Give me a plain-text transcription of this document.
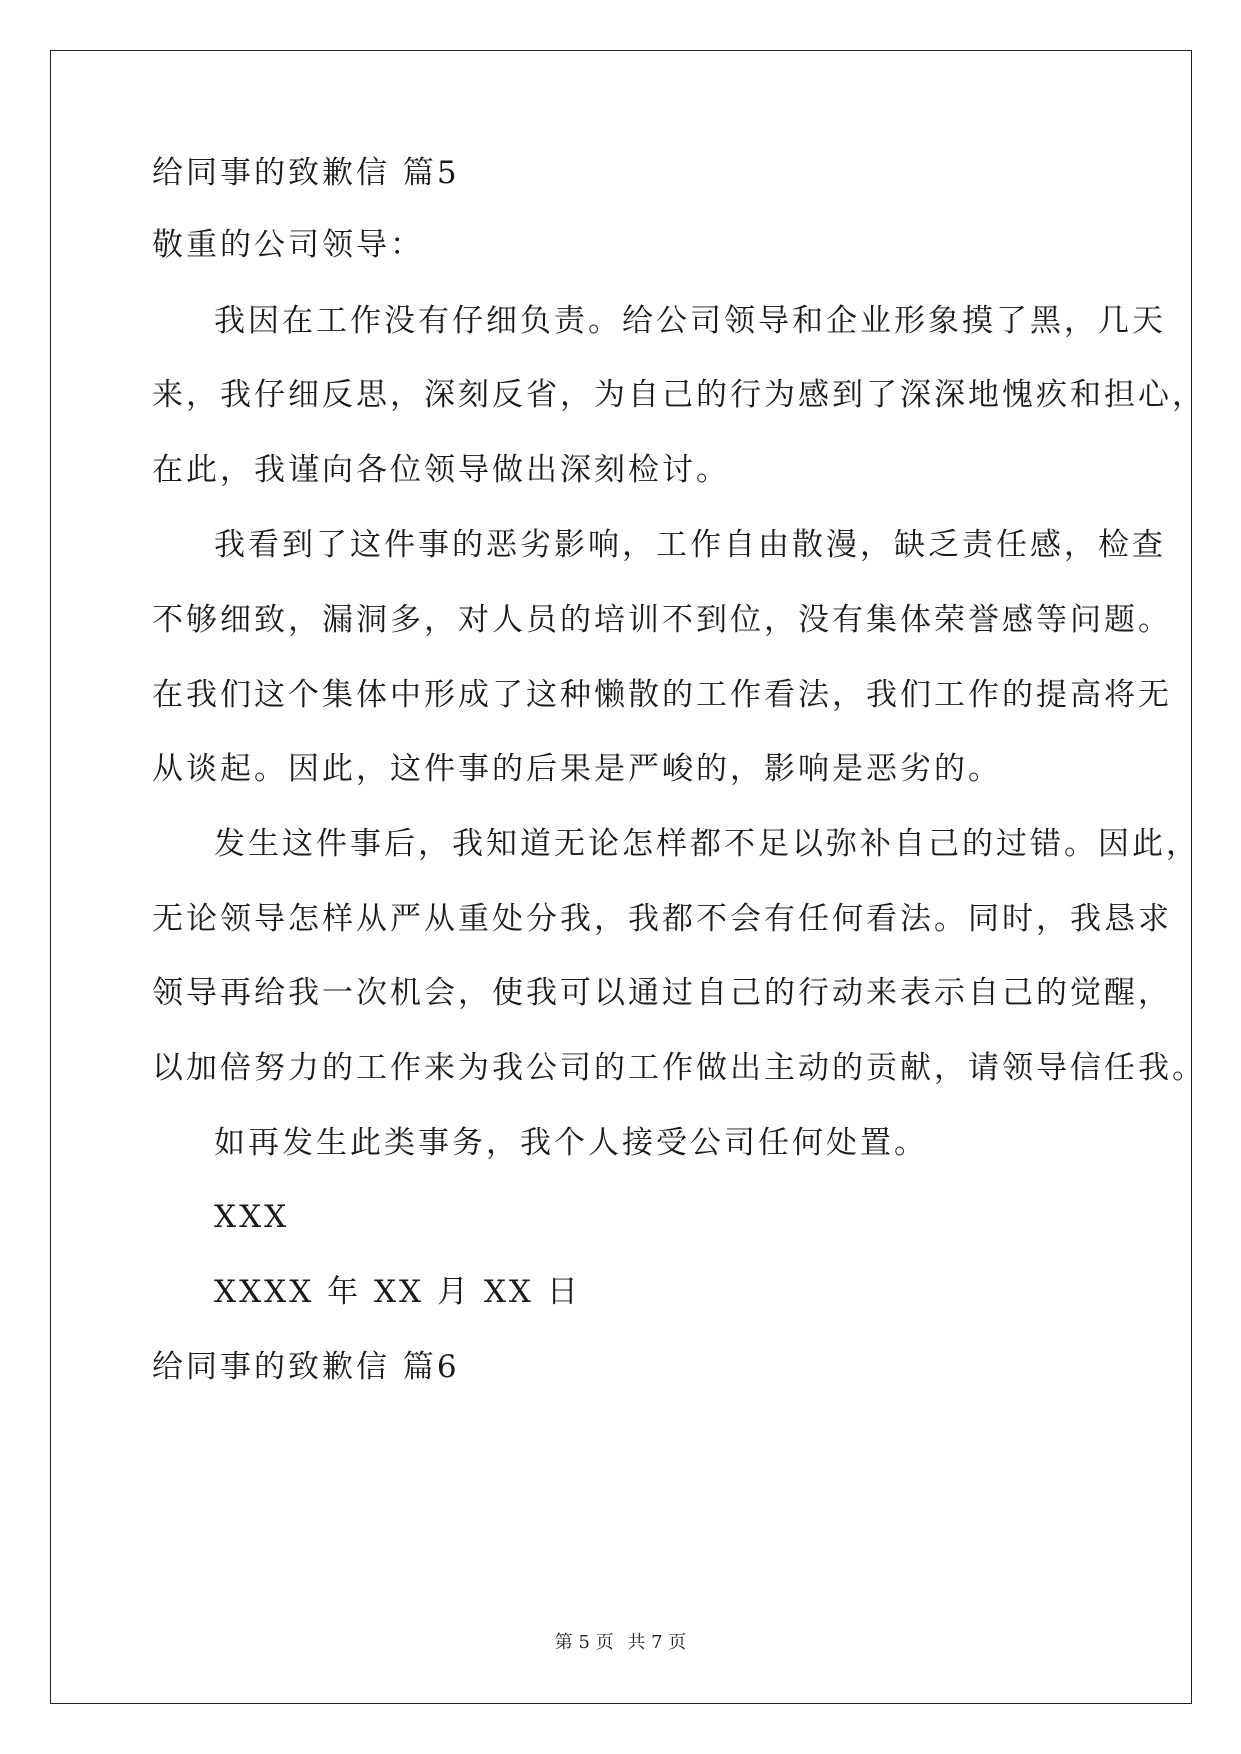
给同事的致歉信 篇5
敬重的公司领导：
我因在工作没有仔细负责。给公司领导和企业形象摸了黑，几天
来，我仔细反思，深刻反省，为自己的行为感到了深深地愧疚和担心，
在此，我谨向各位领导做出深刻检讨。
我看到了这件事的恶劣影响，工作自由散漫，缺乏责任感，检查
不够细致，漏洞多，对人员的培训不到位，没有集体荣誉感等问题。
在我们这个集体中形成了这种懒散的工作看法，我们工作的提高将无
从谈起。因此，这件事的后果是严峻的，影响是恶劣的。
发生这件事后，我知道无论怎样都不足以弥补自己的过错。因此，
无论领导怎样从严从重处分我，我都不会有任何看法。同时，我恳求
领导再给我一次机会，使我可以通过自己的行动来表示自己的觉醒，
以加倍努力的工作来为我公司的工作做出主动的贡献，请领导信任我。
如再发生此类事务，我个人接受公司任何处置。
XXX
XXXX 年 XX 月 XX 日
给同事的致歉信 篇6
第 5 页 共 7 页
